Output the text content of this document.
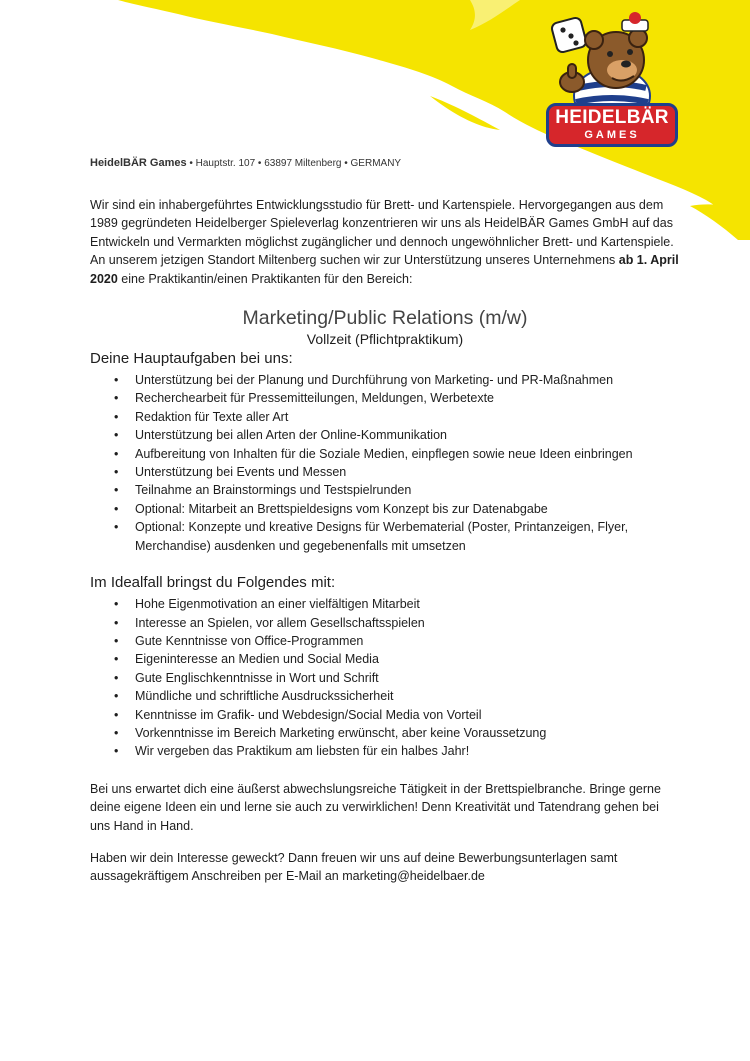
HEIDELBÄR
GAMES
HeidelBÄR Games • Hauptstr. 107 • 63897 Miltenberg • GERMANY

Wir sind ein inhabergeführtes Entwicklungsstudio für Brett- und Kartenspiele. Hervorgegangen aus dem 1989 gegründeten Heidelberger Spieleverlag konzentrieren wir uns als HeidelBÄR Games GmbH auf das Entwickeln und Vermarkten möglichst zugänglicher und dennoch ungewöhnlicher Brett- und Kartenspiele. An unserem jetzigen Standort Miltenberg suchen wir zur Unterstützung unseres Unternehmens ab 1. April 2020 eine Praktikantin/einen Praktikanten für den Bereich:

Marketing/Public Relations (m/w)

Vollzeit (Pflichtpraktikum)

Deine Hauptaufgaben bei uns:
• Unterstützung bei der Planung und Durchführung von Marketing- und PR-Maßnahmen
• Recherchearbeit für Pressemitteilungen, Meldungen, Werbetexte
• Redaktion für Texte aller Art
• Unterstützung bei allen Arten der Online-Kommunikation
• Aufbereitung von Inhalten für die Soziale Medien, einpflegen sowie neue Ideen einbringen
• Unterstützung bei Events und Messen
• Teilnahme an Brainstormings und Testspielrunden
• Optional: Mitarbeit an Brettspieldesigns vom Konzept bis zur Datenabgabe
• Optional: Konzepte und kreative Designs für Werbematerial (Poster, Printanzeigen, Flyer, Merchandise) ausdenken und gegebenenfalls mit umsetzen
Im Idealfall bringst du Folgendes mit:
• Hohe Eigenmotivation an einer vielfältigen Mitarbeit
• Interesse an Spielen, vor allem Gesellschaftsspielen
• Gute Kenntnisse von Office-Programmen
• Eigeninteresse an Medien und Social Media
• Gute Englischkenntnisse in Wort und Schrift
• Mündliche und schriftliche Ausdruckssicherheit
• Kenntnisse im Grafik- und Webdesign/Social Media von Vorteil
• Vorkenntnisse im Bereich Marketing erwünscht, aber keine Voraussetzung
• Wir vergeben das Praktikum am liebsten für ein halbes Jahr!

Bei uns erwartet dich eine äußerst abwechslungsreiche Tätigkeit in der Brettspielbranche. Bringe gerne deine eigene Ideen ein und lerne sie auch zu verwirklichen! Denn Kreativität und Tatendrang gehen bei uns Hand in Hand.

Haben wir dein Interesse geweckt? Dann freuen wir uns auf deine Bewerbungsunterlagen samt aussagekräftigem Anschreiben per E-Mail an marketing@heidelbaer.de
